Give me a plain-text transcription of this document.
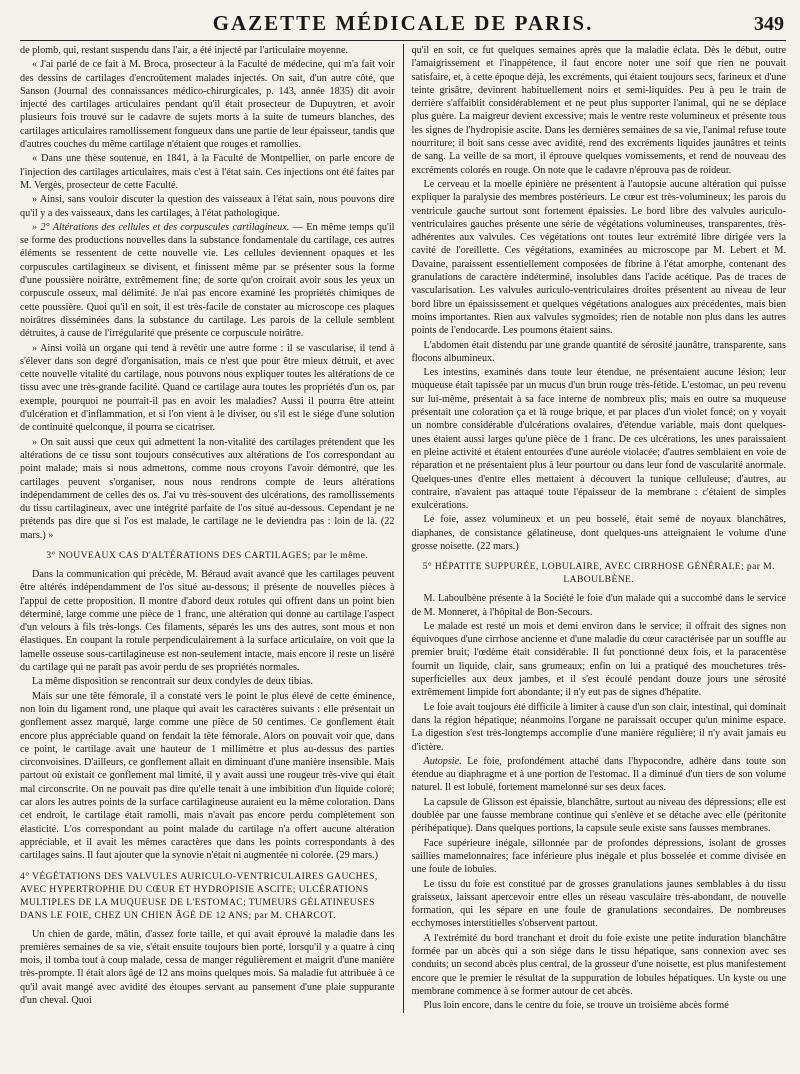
GAZETTE MÉDICALE DE PARIS.	349

de plomb, qui, restant suspendu dans l'air, a été injecté par l'articulaire moyenne.

« J'ai parlé de ce fait à M. Broca, prosecteur à la Faculté de médecine, qui m'a fait voir des dessins de cartilages d'encroûtement malades injectés. On sait, d'un autre côté, que Sanson (Journal des connaissances médico-chirurgicales, p. 143, année 1835) dit avoir injecté des cartilages articulaires pendant qu'il était prosecteur de Dupuytren, et avoir plusieurs fois trouvé sur le cadavre de sujets morts à la suite de tumeurs blanches, des cartilages articulaires ramollissement fongueux dans une partie de leur épaisseur, tandis que d'autres couches du même cartilage n'étaient que rouges et ramollies.

« Dans une thèse soutenue, en 1841, à la Faculté de Montpellier, on parle encore de l'injection des cartilages articulaires, mais c'est à l'état sain. Ces injections ont été faites par M. Vergès, prosecteur de cette Faculté.

» Ainsi, sans vouloir discuter la question des vaisseaux à l'état sain, nous pouvons dire qu'il y a des vaisseaux, dans les cartilages, à l'état pathologique.

» 2° Altérations des cellules et des corpuscules cartilagineux. — En même temps qu'il se forme des productions nouvelles dans la substance fondamentale du cartilage, ces autres éléments se ressentent de cette nouvelle vie. Les cellules deviennent opaques et les corpuscules cartilagineux se divisent, et finissent même par se présenter sous la forme d'une poussière noirâtre, extrêmement fine; de sorte qu'on croirait avoir sous les yeux un corpuscule osseux, mal délimité. Je n'ai pas encore examiné les propriétés chimiques de cette poussière. Quoi qu'il en soit, il est très-facile de constater au microscope ces plaques noirâtres disséminées dans la substance du cartilage. Les parois de la cellule semblent détruites, à cause de l'irrégularité que présente ce corpuscule noirâtre.

» Ainsi voilà un organe qui tend à revêtir une autre forme : il se vascularise, il tend à s'élever dans son degré d'organisation, mais ce n'est que pour être mieux détruit, et avec cette nouvelle vitalité du cartilage, nous pouvons nous expliquer toutes les altérations de ce tissu avec une très-grande facilité. Quand ce cartilage aura toutes les propriétés d'un os, par exemple, pourquoi ne pourrait-il pas en avoir les maladies? Aussi il pourra être atteint d'ulcération et d'inflammation, et si l'on vient à le diviser, ou s'il est le siége d'une solution de continuité quelconque, il pourra se cicatriser.

» On sait aussi que ceux qui admettent la non-vitalité des cartilages prétendent que les altérations de ce tissu sont toujours consécutives aux altérations de l'os correspondant au point malade; mais si nous admettons, comme nous croyons l'avoir démontré, que les cartilages peuvent s'organiser, nous nous rendrons compte de leurs altérations indépendamment de celles des os. J'ai vu très-souvent des ulcérations, des ramollissements du tissu cartilagineux, avec une intégrité parfaite de l'os situé au-dessous. Cependant je ne prétends pas dire que si l'os est malade, le cartilage ne le deviendra pas : loin de là. (22 mars.) »

3° NOUVEAUX CAS D'ALTÉRATIONS DES CARTILAGES; par le même.

Dans la communication qui précède, M. Béraud avait avancé que les cartilages peuvent être altérés indépendamment de l'os situé au-dessous; il présente de nouvelles pièces à l'appui de cette proposition. Il montre d'abord deux rotules qui offrent dans un point bien déterminé, large comme une pièce de 1 franc, une altération qui donne au cartilage l'aspect d'un velours à fils très-longs. Ces filaments, séparés les uns des autres, sont mous et non élastiques. En coupant la rotule perpendiculairement à la surface articulaire, on voit que la lamelle osseuse sous-cartilagineuse est non-seulement intacte, mais encore il reste un liséré du cartilage qui ne paraît pas avoir perdu de ses propriétés normales.

La même disposition se rencontrait sur deux condyles de deux tibias.

Mais sur une tête fémorale, il a constaté vers le point le plus élevé de cette éminence, non loin du ligament rond, une plaque qui avait les caractères suivants : elle présentait un gonflement assez marqué, large comme une pièce de 50 centimes. Ce gonflement était encore plus appréciable quand on fendait la tête fémorale. Alors on pouvait voir que, dans ce point, le cartilage avait une hauteur de 1 millimètre et plus au-dessus des parties circonvoisines. D'ailleurs, ce gonflement allait en diminuant d'une manière insensible. Mais partout où existait ce gonflement mal limité, il y avait aussi une rougeur très-vive qui était mal circonscrite. On ne pouvait pas dire qu'elle tenait à une imbibition d'un liquide coloré; car alors les autres points de la surface cartilagineuse auraient eu la même coloration. Dans cet endroit, le cartilage était ramolli, mais n'avait pas encore perdu complètement son élasticité. L'os correspondant au point malade du cartilage n'a offert aucune altération appréciable, et il avait les mêmes caractères que dans les points correspondants à des cartilages sains. Il faut ajouter que la synovie n'était ni augmentée ni colorée. (29 mars.)

4° VÉGÉTATIONS DES VALVULES AURICULO-VENTRICULAIRES GAUCHES, AVEC HYPERTROPHIE DU CŒUR ET HYDROPISIE ASCITE; ULCÉRATIONS MULTIPLES DE LA MUQUEUSE DE L'ESTOMAC; TUMEURS GÉLATINEUSES DANS LE FOIE, CHEZ UN CHIEN ÂGÉ DE 12 ANS; par M. CHARCOT.

Un chien de garde, mâtin, d'assez forte taille, et qui avait éprouvé la maladie dans les premières semaines de sa vie, s'était ensuite toujours bien porté, lorsqu'il y a quatre à cinq mois, il tomba tout à coup malade, cessa de manger régulièrement et maigrit d'une manière très-prompte. Il était alors âgé de 12 ans moins quelques mois. Sa maladie fut attribuée à ce qu'il avait mangé avec avidité des étoupes servant au pansement d'une plaie suppurante d'un cheval. Quoi

qu'il en soit, ce fut quelques semaines après que la maladie éclata. Dès le début, outre l'amaigrissement et l'inappétence, il faut encore noter une soif que rien ne pouvait satisfaire, et, à cette époque déjà, les excréments, qui étaient toujours secs, farineux et d'une teinte grisâtre, devinrent habituellement noirs et semi-liquides. Peu à peu le train de derrière s'affaiblit considérablement et ne peut plus supporter l'animal, qui ne se déplace plus guère. La maigreur devient excessive; mais le ventre reste volumineux et présente tous les signes de l'hydropisie ascite. Dans les dernières semaines de sa vie, l'animal refuse toute nourriture; il boit sans cesse avec avidité, rend des excréments liquides jaunâtres et teints de sang. La veille de sa mort, il éprouve quelques vomissements, et rend de nouveau des excréments colorés en rouge. On note que le cadavre n'éprouva pas de roideur.

Le cerveau et la moelle épinière ne présentent à l'autopsie aucune altération qui puisse expliquer la paralysie des membres postérieurs. Le cœur est très-volumineux; les parois du ventricule gauche surtout sont fortement épaissies. Le bord libre des valvules auriculo-ventriculaires gauches présente une série de végétations volumineuses, transparentes, très-adhérentes aux valvules. Ces végétations ont toutes leur extrémité libre dirigée vers la cavité de l'oreillette. Ces végétations, examinées au microscope par M. Lebert et M. Davaine, paraissent essentiellement composées de fibrine à l'état amorphe, contenant des granulations de caractère indéterminé, insolubles dans l'acide acétique. Pas de traces de vascularisation. Les valvules auriculo-ventriculaires droites présentent au niveau de leur bord libre un épaississement et quelques végétations analogues aux précédentes, mais bien moins importantes. Rien aux valvules sygmoïdes; rien de notable non plus dans les autres points de l'endocarde. Les poumons étaient sains.

L'abdomen était distendu par une grande quantité de sérosité jaunâtre, transparente, sans flocons albumineux.

Les intestins, examinés dans toute leur étendue, ne présentaient aucune lésion; leur muqueuse était tapissée par un mucus d'un brun rouge très-fétide. L'estomac, un peu revenu sur lui-même, présentait à sa face interne de nombreux plis; mais en outre sa muqueuse présentait une coloration ça et là rouge brique, et par places d'un violet foncé; on y voyait un nombre considérable d'ulcérations ovalaires, d'étendue variable, mais dont quelques-unes étaient aussi larges qu'une pièce de 1 franc. De ces ulcérations, les unes paraissaient en pleine activité et étaient entourées d'une auréole violacée; d'autres semblaient en voie de réparation et ne présentaient plus à leur pourtour ou dans leur fond de vascularité anormale. Quelques-unes d'entre elles mettaient à découvert la tunique celluleuse; d'autres, au contraire, n'avaient pas attaqué toute l'épaisseur de la membrane : c'étaient de simples exulcérations.

Le foie, assez volumineux et un peu bosselé, était semé de noyaux blanchâtres, diaphanes, de consistance gélatineuse, dont quelques-uns atteignaient le volume d'une grosse noisette. (22 mars.)

5° HÉPATITE SUPPURÉE, LOBULAIRE, AVEC CIRRHOSE GÉNÉRALE; par M. LABOULBÈNE.

M. Laboulbène présente à la Société le foie d'un malade qui a succombé dans le service de M. Monneret, à l'hôpital de Bon-Secours.

Le malade est resté un mois et demi environ dans le service; il offrait des signes non équivoques d'une cirrhose ancienne et d'une maladie du cœur caractérisée par un souffle au premier bruit; l'œdème était considérable. Il fut ponctionné deux fois, et la paracentèse fournit un liquide, clair, sans grumeaux; enfin on lui a pratiqué des mouchetures très-superficielles aux deux jambes, et il s'est écoulé pendant douze jours une sérosité extrêmement limpide fort abondante; il n'y eut pas de signes d'hépatite.

Le foie avait toujours été difficile à limiter à cause d'un son clair, intestinal, qui dominait dans la région hépatique; néanmoins l'organe ne paraissait occuper qu'un minime espace. La digestion s'est très-longtemps accomplie d'une manière régulière; il n'y avait jamais eu d'ictère.

Autopsie. Le foie, profondément attaché dans l'hypocondre, adhère dans toute son étendue au diaphragme et à une portion de l'estomac. Il a diminué d'un tiers de son volume naturel. Il est lobulé, fortement mamelonné sur ses deux faces.

La capsule de Glisson est épaissie, blanchâtre, surtout au niveau des dépressions; elle est doublée par une fausse membrane continue qui s'enlève et se détache avec elle (péritonite périhépatique). Dans quelques portions, la capsule seule existe sans fausses membranes.

Face supérieure inégale, sillonnée par de profondes dépressions, isolant de grosses saillies mamelonnaires; face inférieure plus inégale et plus bosselée et comme divisée en une foule de lobules.

Le tissu du foie est constitué par de grosses granulations jaunes semblables à du tissu graisseux, laissant apercevoir entre elles un réseau vasculaire très-abondant, de nouvelle formation, qui les sépare en une foule de granulations secondaires. De nombreuses ecchymoses interstitielles s'observent partout.

A l'extrémité du bord tranchant et droit du foie existe une petite induration blanchâtre formée par un abcès qui a son siége dans le tissu hépatique, sans connexion avec ses conduits; un second abcès plus central, de la grosseur d'une noisette, est plus manifestement encore que le premier le résultat de la suppuration de lobules hépatiques. Un kyste ou une membrane commence à se former autour de cet abcès.

Plus loin encore, dans le centre du foie, se trouve un troisième abcès formé
